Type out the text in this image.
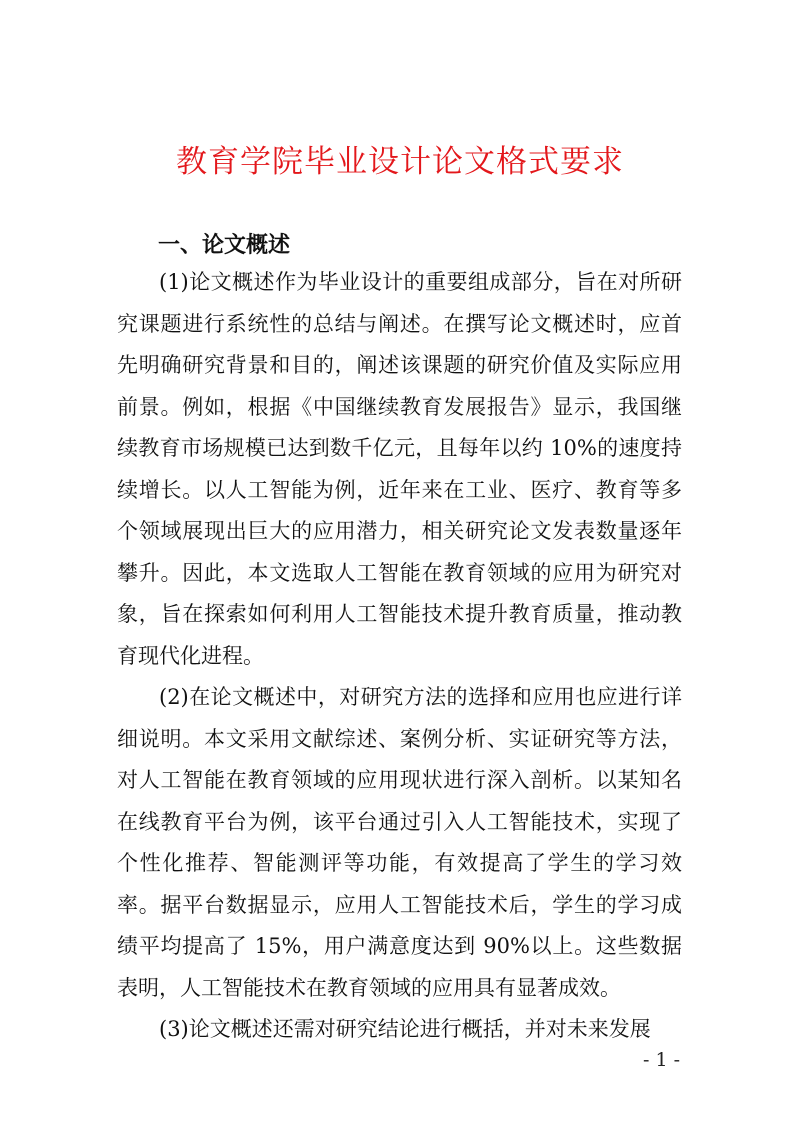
教育学院毕业设计论文格式要求
一、论文概述

(1)论文概述作为毕业设计的重要组成部分，旨在对所研究课题进行系统性的总结与阐述。在撰写论文概述时，应首先明确研究背景和目的，阐述该课题的研究价值及实际应用前景。例如，根据《中国继续教育发展报告》显示，我国继续教育市场规模已达到数千亿元，且每年以约 10%的速度持续增长。以人工智能为例，近年来在工业、医疗、教育等多个领域展现出巨大的应用潜力，相关研究论文发表数量逐年攀升。因此，本文选取人工智能在教育领域的应用为研究对象，旨在探索如何利用人工智能技术提升教育质量，推动教育现代化进程。

(2)在论文概述中，对研究方法的选择和应用也应进行详细说明。本文采用文献综述、案例分析、实证研究等方法，对人工智能在教育领域的应用现状进行深入剖析。以某知名在线教育平台为例，该平台通过引入人工智能技术，实现了个性化推荐、智能测评等功能，有效提高了学生的学习效率。据平台数据显示，应用人工智能技术后，学生的学习成绩平均提高了 15%，用户满意度达到 90%以上。这些数据表明，人工智能技术在教育领域的应用具有显著成效。

(3)论文概述还需对研究结论进行概括，并对未来发展

- 1 -
